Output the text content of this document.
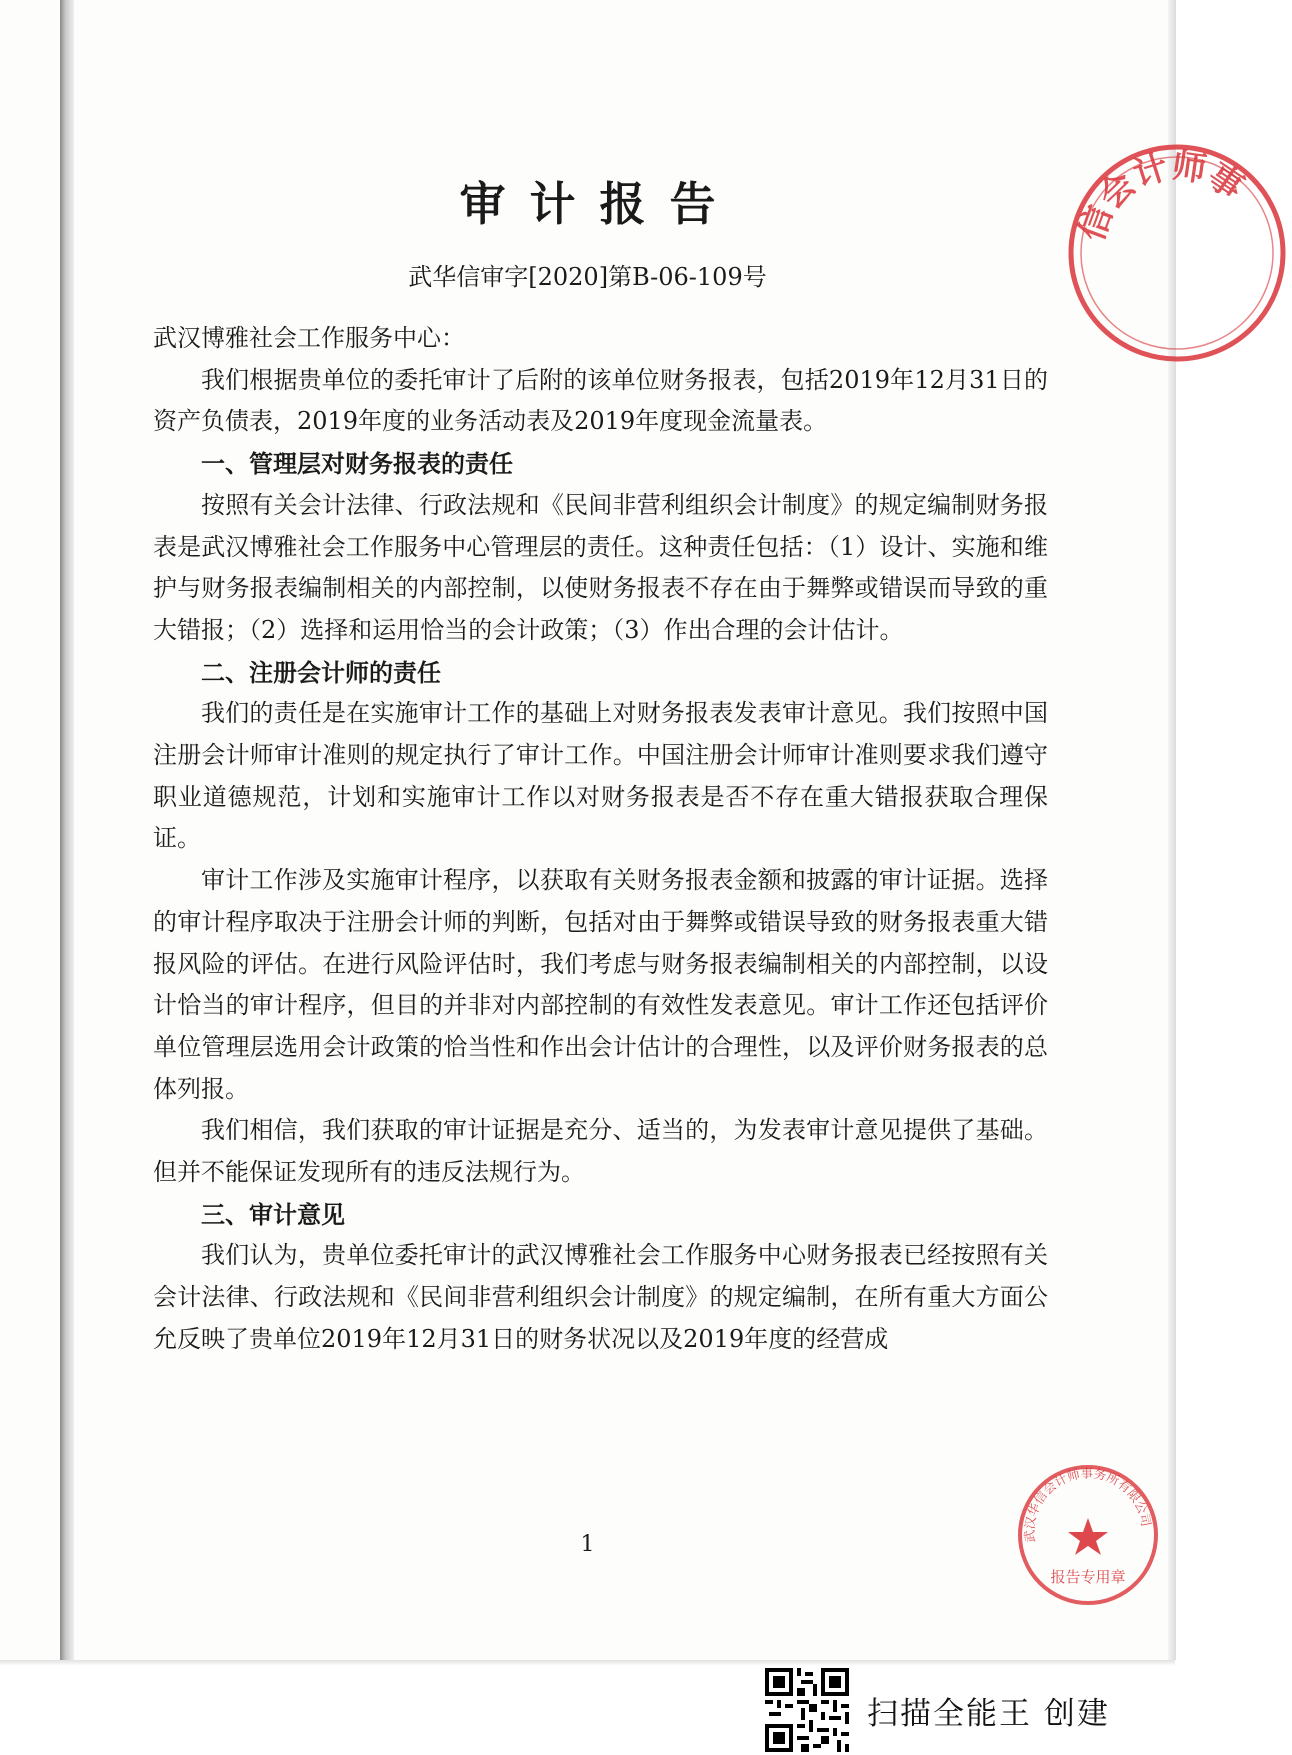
审计报告
武华信审字[2020]第B-06-109号

武汉博雅社会工作服务中心：

我们根据贵单位的委托审计了后附的该单位财务报表，包括2019年12月31日的资产负债表，2019年度的业务活动表及2019年度现金流量表。

一、管理层对财务报表的责任

按照有关会计法律、行政法规和《民间非营利组织会计制度》的规定编制财务报表是武汉博雅社会工作服务中心管理层的责任。这种责任包括：（1）设计、实施和维护与财务报表编制相关的内部控制，以使财务报表不存在由于舞弊或错误而导致的重大错报；（2）选择和运用恰当的会计政策；（3）作出合理的会计估计。

二、注册会计师的责任

我们的责任是在实施审计工作的基础上对财务报表发表审计意见。我们按照中国注册会计师审计准则的规定执行了审计工作。中国注册会计师审计准则要求我们遵守职业道德规范，计划和实施审计工作以对财务报表是否不存在重大错报获取合理保证。

审计工作涉及实施审计程序，以获取有关财务报表金额和披露的审计证据。选择的审计程序取决于注册会计师的判断，包括对由于舞弊或错误导致的财务报表重大错报风险的评估。在进行风险评估时，我们考虑与财务报表编制相关的内部控制，以设计恰当的审计程序，但目的并非对内部控制的有效性发表意见。审计工作还包括评价单位管理层选用会计政策的恰当性和作出会计估计的合理性，以及评价财务报表的总体列报。

我们相信，我们获取的审计证据是充分、适当的，为发表审计意见提供了基础。但并不能保证发现所有的违反法规行为。

三、审计意见

我们认为，贵单位委托审计的武汉博雅社会工作服务中心财务报表已经按照有关会计法律、行政法规和《民间非营利组织会计制度》的规定编制，在所有重大方面公允反映了贵单位2019年12月31日的财务状况以及2019年度的经营成

1
信会计师事
武汉华信会计师事务所有限公司
报告专用章
扫描全能王 创建
